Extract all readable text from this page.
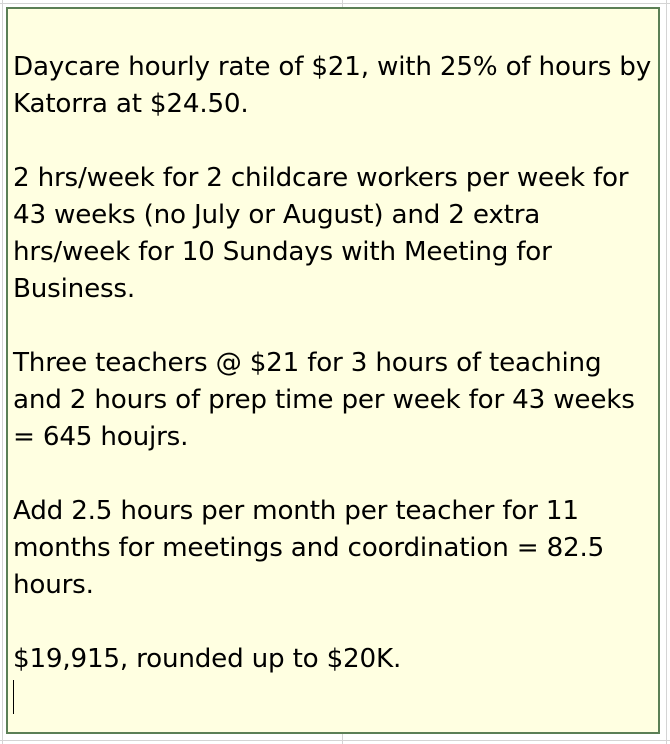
Daycare hourly rate of $21, with 25% of hours by Katorra at $24.50.

2 hrs/week for 2 childcare workers per week for 43 weeks (no July or August) and 2 extra hrs/week for 10 Sundays with Meeting for Business.

Three teachers @ $21 for 3 hours of teaching and 2 hours of prep time per week for 43 weeks = 645 houjrs.

Add 2.5 hours per month per teacher for 11 months for meetings and coordination = 82.5 hours.

$19,915, rounded up to $20K.
